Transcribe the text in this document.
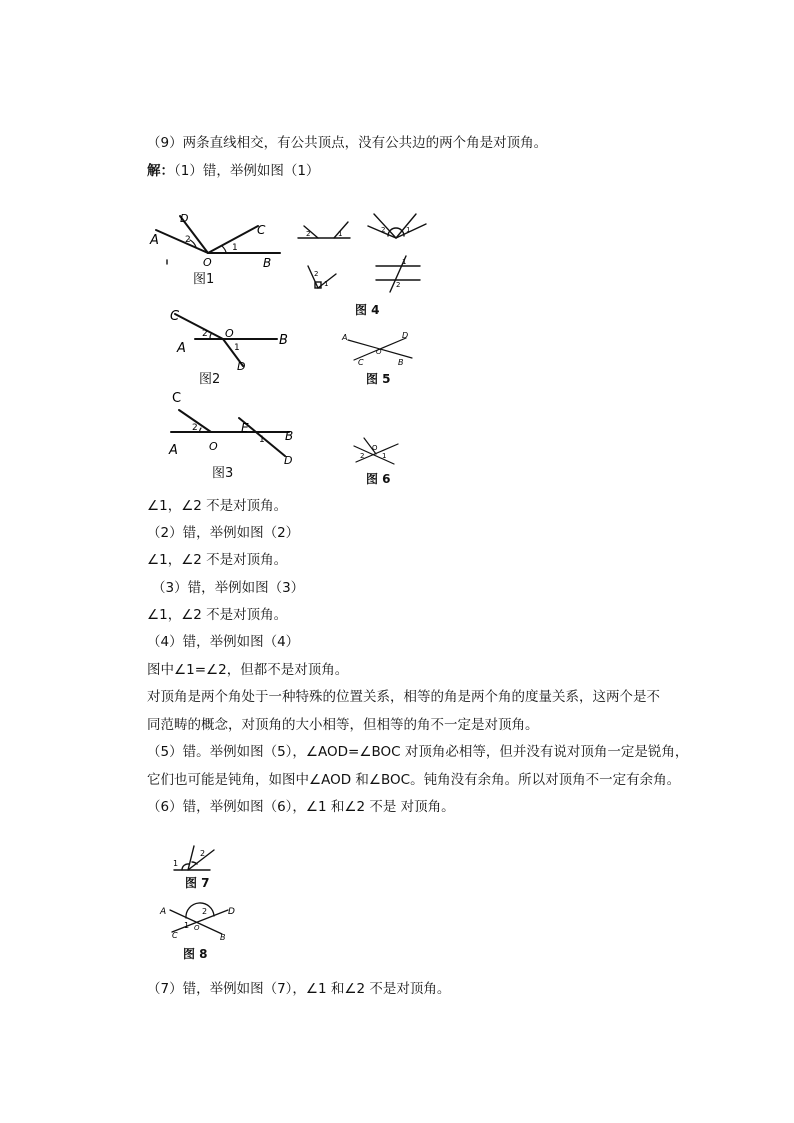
（9）两条直线相交，有公共顶点，没有公共边的两个角是对顶角。
解：（1）错，举例如图（1）
∠1，∠2 不是对顶角。
（2）错，举例如图（2）
∠1，∠2 不是对顶角。
（3）错，举例如图（3）
∠1，∠2 不是对顶角。
（4）错，举例如图（4）
图中∠1=∠2，但都不是对顶角。
对顶角是两个角处于一种特殊的位置关系，相等的角是两个角的度量关系，这两个是不
同范畴的概念，对顶角的大小相等，但相等的角不一定是对顶角。
（5）错。举例如图（5），∠AOD=∠BOC 对顶角必相等，但并没有说对顶角一定是锐角，
它们也可能是钝角，如图中∠AOD 和∠BOC。钝角没有余角。所以对顶角不一定有余角。
（6）错，举例如图（6），∠1 和∠2 不是 对顶角。
（7）错，举例如图（7），∠1 和∠2 不是对顶角。
A
D
C
O	B
2
1
图1
2	1	2	1
2
1
1
2
图 4
C
A
O	B
D
2
1
图2
A	D
C
O
B
图 5
C
A	O
E
B
D
2
1
图3
2
O
1
图 6
1
2
图 7
A	D
C
O
B
1
2
图 8
